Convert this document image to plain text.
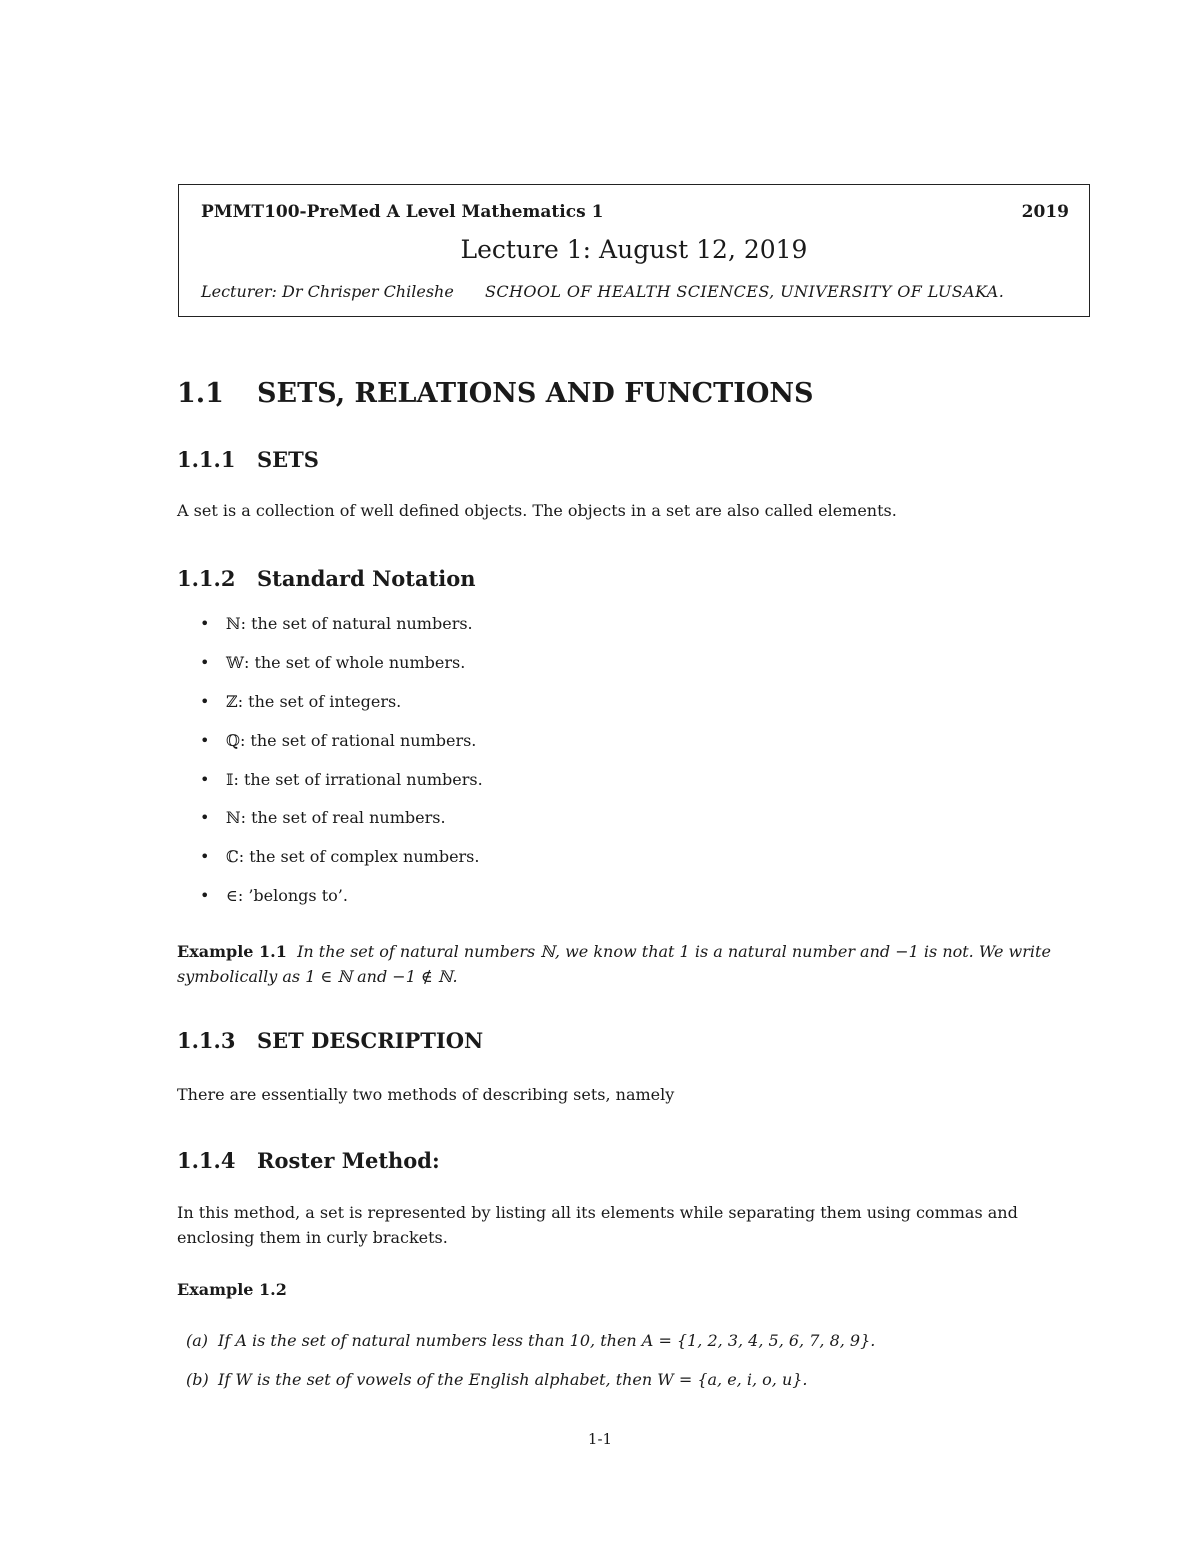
PMMT100-PreMed A Level Mathematics 1	2019
Lecture 1: August 12, 2019
Lecturer: Dr Chrisper Chileshe SCHOOL OF HEALTH SCIENCES, UNIVERSITY OF LUSAKA.
1.1 SETS, RELATIONS AND FUNCTIONS
1.1.1 SETS
A set is a collection of well defined objects. The objects in a set are also called elements.
1.1.2 Standard Notation
•	ℕ : the set of natural numbers.
•	𝕎 : the set of whole numbers.
•	ℤ : the set of integers.
•	ℚ : the set of rational numbers.
•	𝕀 : the set of irrational numbers.
•	ℕ : the set of real numbers.
•	ℂ : the set of complex numbers.
•	∈ : ’belongs to’.
Example 1.1 In the set of natural numbers ℕ, we know that 1 is a natural number and −1 is not. We write symbolically as 1 ∈ ℕ and −1 ∉ ℕ.
1.1.3 SET DESCRIPTION
There are essentially two methods of describing sets, namely
1.1.4 Roster Method:
In this method, a set is represented by listing all its elements while separating them using commas and enclosing them in curly brackets.
Example 1.2
(a) If A is the set of natural numbers less than 10, then A = {1, 2, 3, 4, 5, 6, 7, 8, 9}.
(b) If W is the set of vowels of the English alphabet, then W = {a, e, i, o, u}.
1-1
